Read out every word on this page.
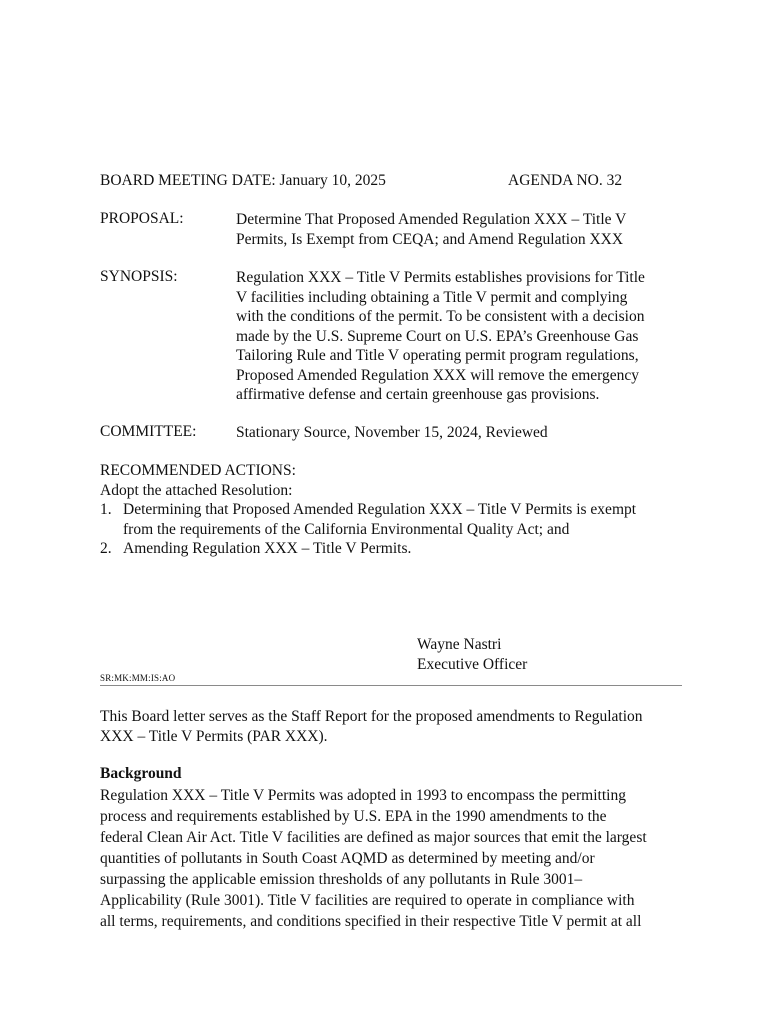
BOARD MEETING DATE: January 10, 2025	AGENDA NO. 32
PROPOSAL:	Determine That Proposed Amended Regulation XXX – Title V
Permits, Is Exempt from CEQA; and Amend Regulation XXX
SYNOPSIS:	Regulation XXX – Title V Permits establishes provisions for Title
V facilities including obtaining a Title V permit and complying
with the conditions of the permit. To be consistent with a decision
made by the U.S. Supreme Court on U.S. EPA’s Greenhouse Gas
Tailoring Rule and Title V operating permit program regulations,
Proposed Amended Regulation XXX will remove the emergency
affirmative defense and certain greenhouse gas provisions.
COMMITTEE:	Stationary Source, November 15, 2024, Reviewed
RECOMMENDED ACTIONS:
Adopt the attached Resolution:
1. Determining that Proposed Amended Regulation XXX – Title V Permits is exempt
from the requirements of the California Environmental Quality Act; and
2. Amending Regulation XXX – Title V Permits.
Wayne Nastri
Executive Officer
SR:MK:MM:IS:AO
This Board letter serves as the Staff Report for the proposed amendments to Regulation
XXX – Title V Permits (PAR XXX).
Background
Regulation XXX – Title V Permits was adopted in 1993 to encompass the permitting
process and requirements established by U.S. EPA in the 1990 amendments to the
federal Clean Air Act. Title V facilities are defined as major sources that emit the largest
quantities of pollutants in South Coast AQMD as determined by meeting and/or
surpassing the applicable emission thresholds of any pollutants in Rule 3001–
Applicability (Rule 3001). Title V facilities are required to operate in compliance with
all terms, requirements, and conditions specified in their respective Title V permit at all
